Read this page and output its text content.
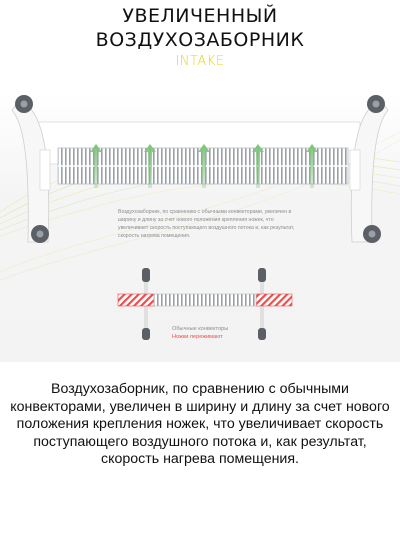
УВЕЛИЧЕННЫЙ
ВОЗДУХОЗАБОРНИК
INTAKE
Воздухозаборник, по сравнению с обычными конвекторами, увеличен в ширину и длину за счет нового положения крепления ножек, что увеличивает скорость поступающего воздушного потока и, как результат, скорость нагрева помещения.
Обычные конвекторы
Ножки пережимают
Воздухозаборник, по сравнению с обычными конвекторами, увеличен в ширину и длину за счет нового положения крепления ножек, что увеличивает скорость поступающего воздушного потока и, как результат, скорость нагрева помещения.
